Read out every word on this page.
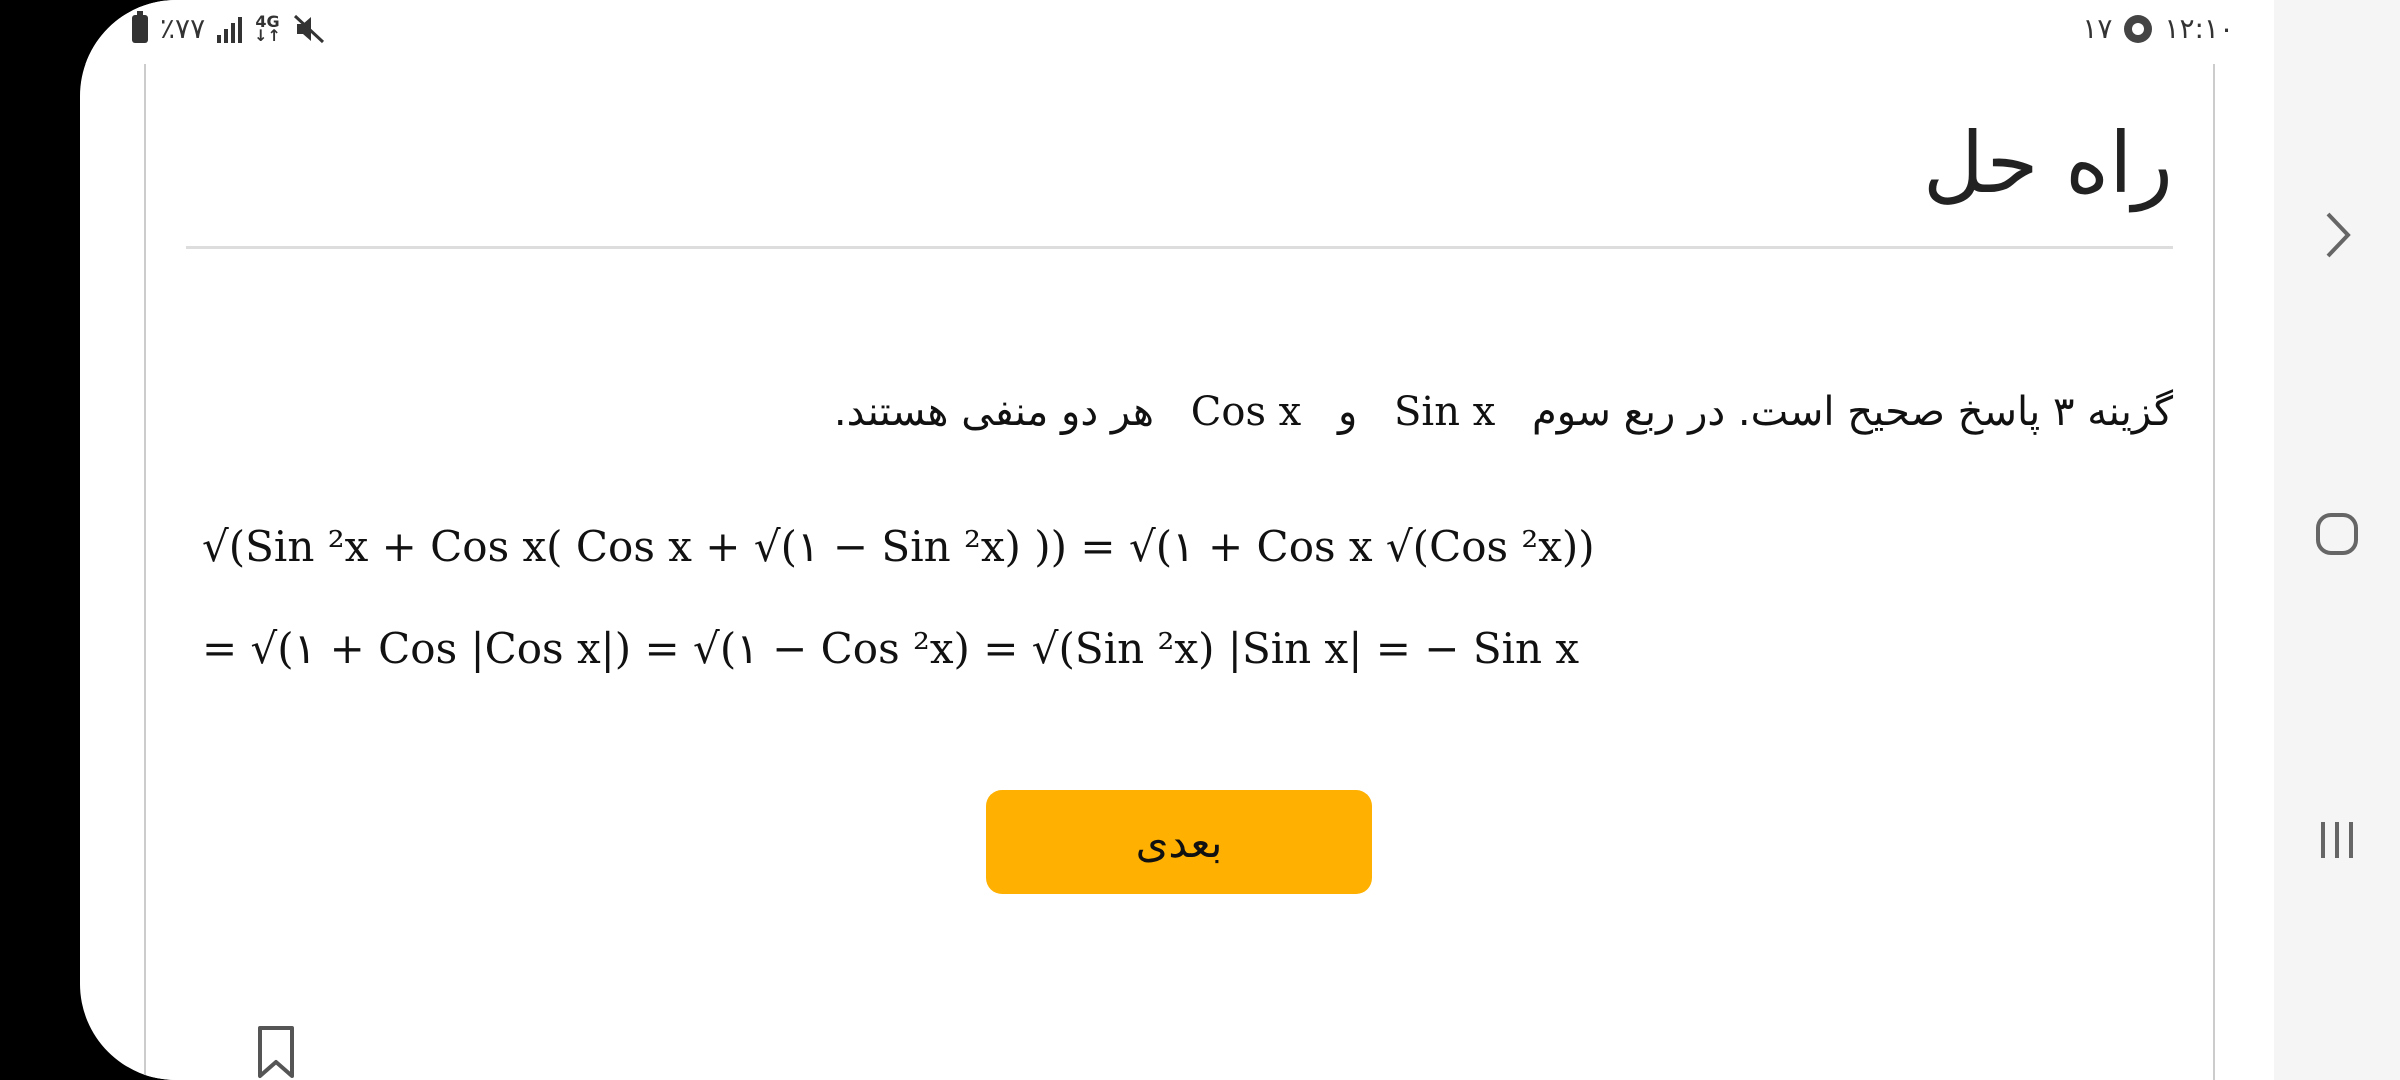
٪۷۷	4G
↓↑	۱۷ ۱۲:۱۰
راه حل
گزینه ۳ پاسخ صحیح است. در ربع سوم Sin x و Cos x هر دو منفی هستند.
√(Sin ²x + Cos x( Cos x + √(۱ − Sin ²x) )) = √(۱ + Cos x √(Cos ²x))
= √(۱ + Cos |Cos x|) = √(۱ − Cos ²x) = √(Sin ²x) |Sin x| = − Sin x
بعدی
